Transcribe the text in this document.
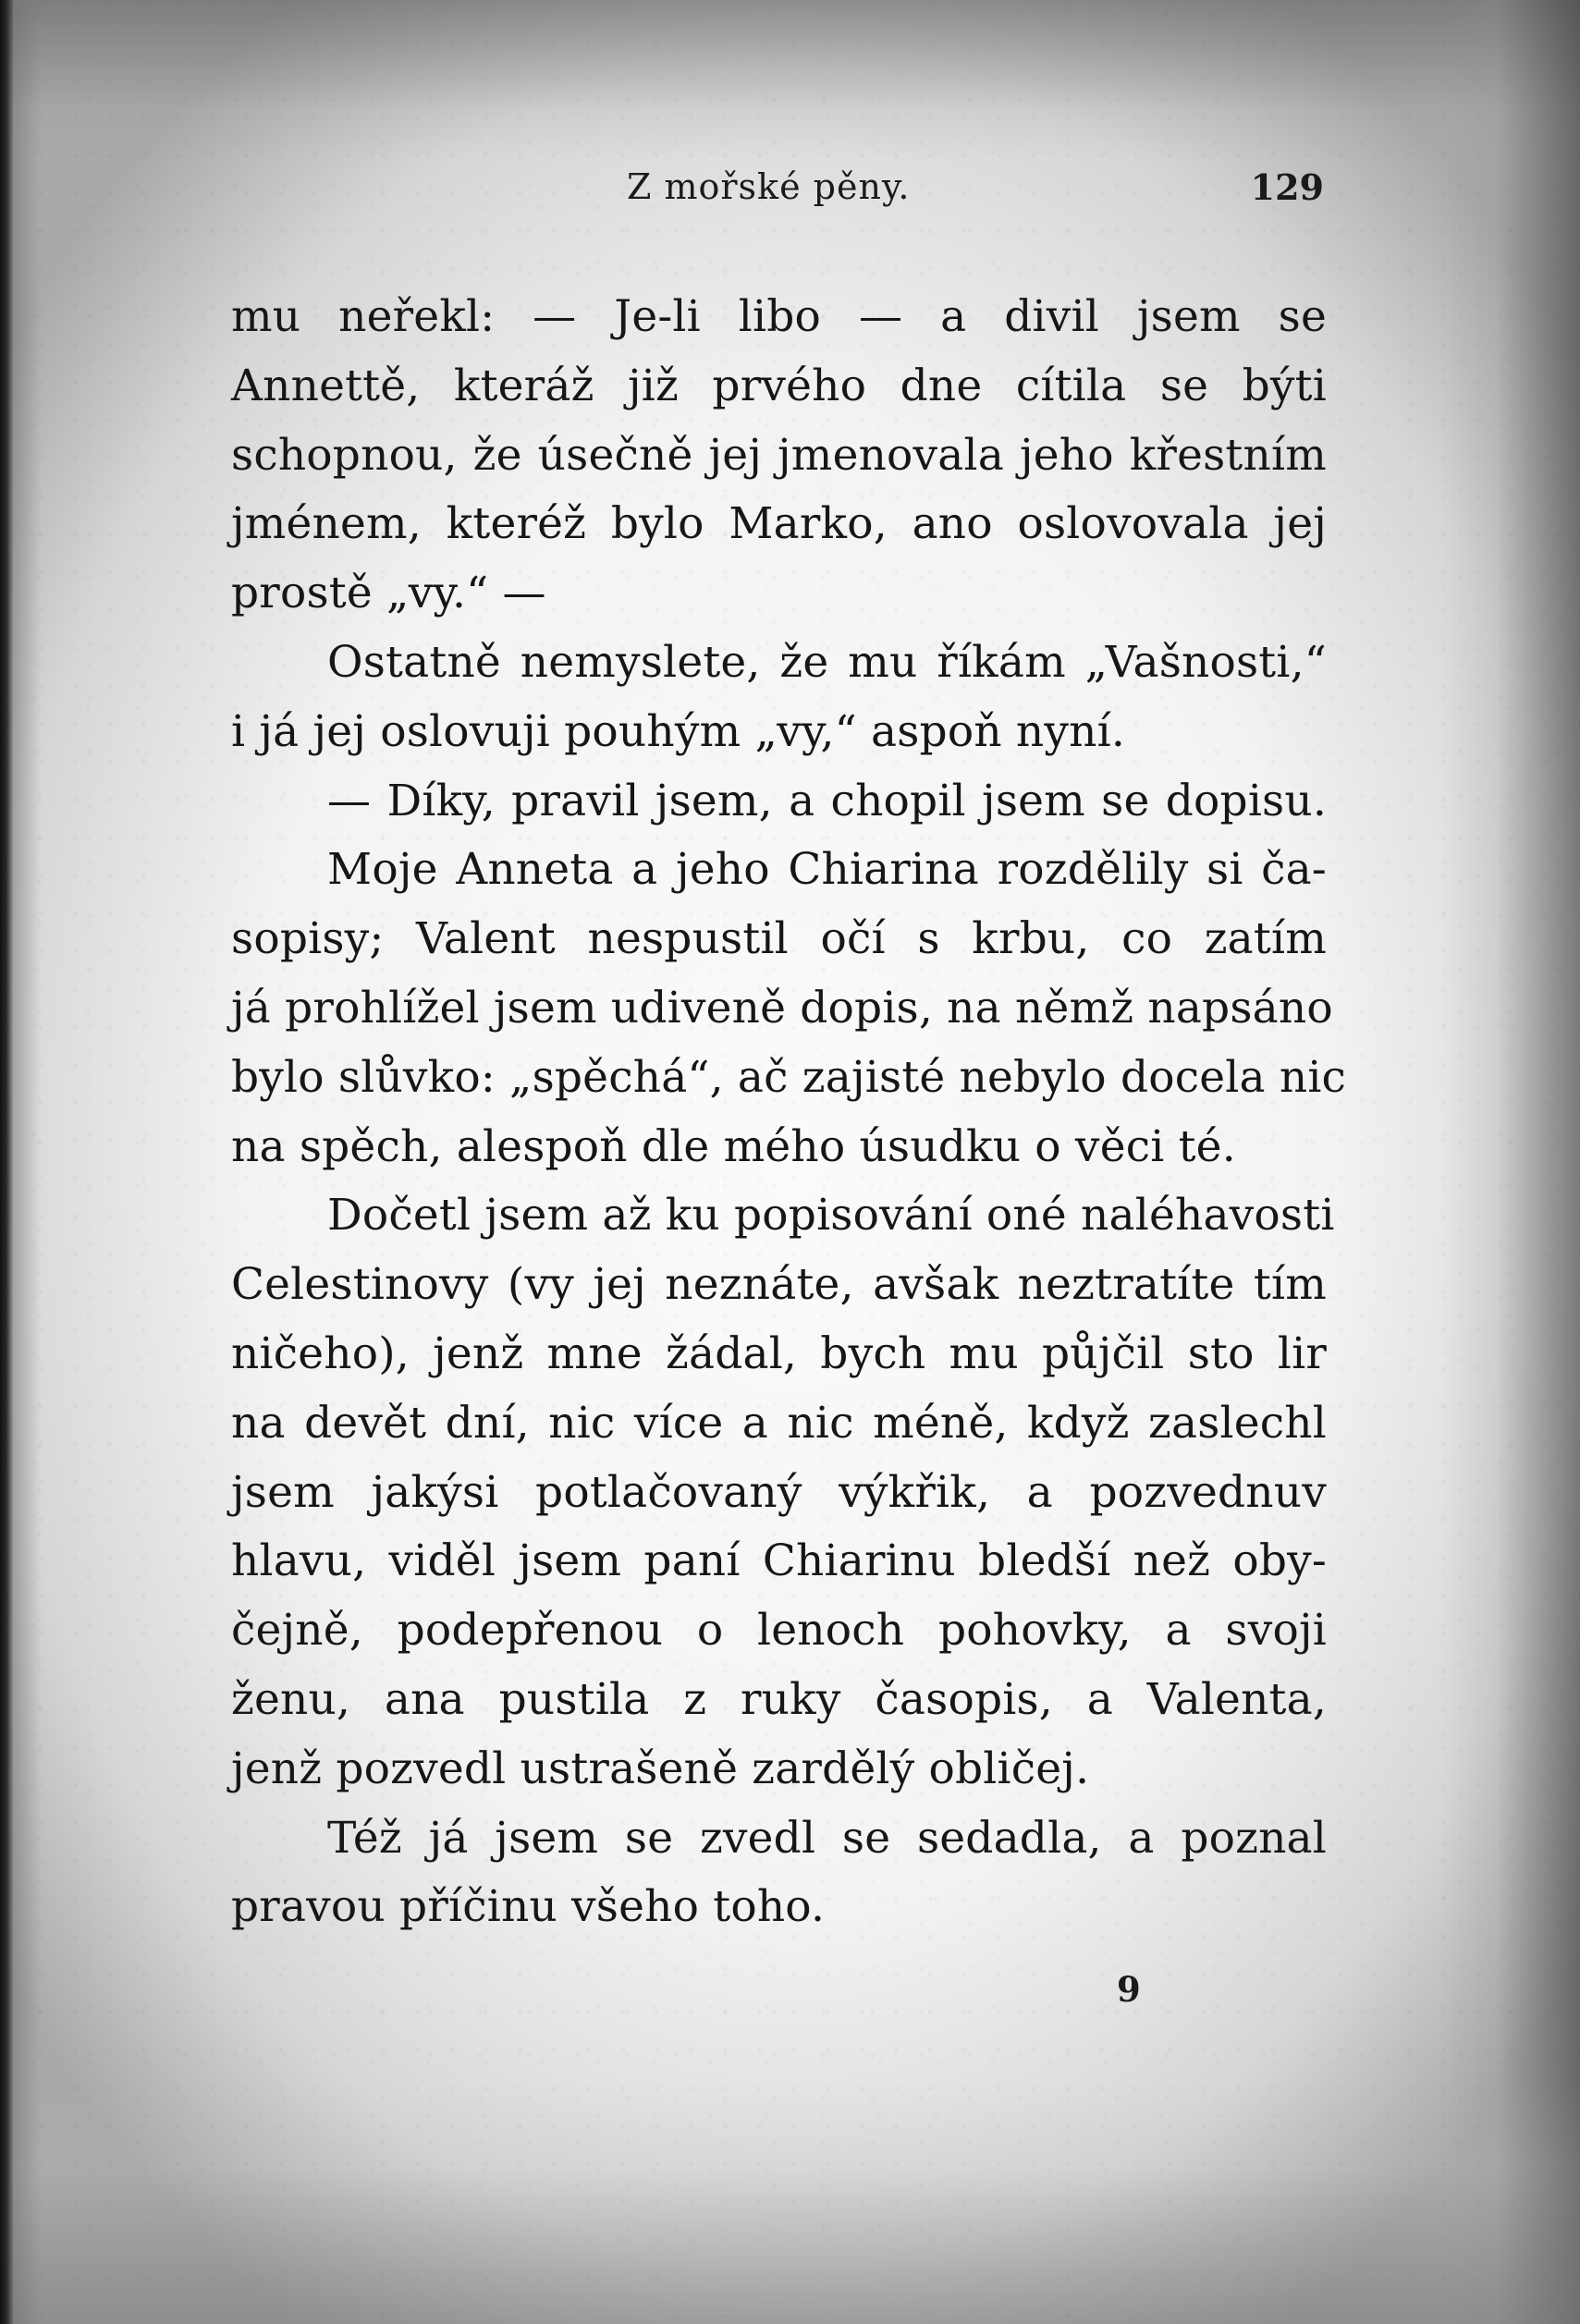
Z mořské pěny.	129
mu neřekl: — Je-li libo — a divil jsem se
Annettě, kteráž již prvého dne cítila se býti
schopnou, že úsečně jej jmenovala jeho křestním
jménem, kteréž bylo Marko, ano oslovovala jej
prostě „vy.“ —
Ostatně nemyslete, že mu říkám „Vašnosti,“
i já jej oslovuji pouhým „vy,“ aspoň nyní.
— Díky, pravil jsem, a chopil jsem se dopisu.
Moje Anneta a jeho Chiarina rozdělily si ča-
sopisy; Valent nespustil očí s krbu, co zatím
já prohlížel jsem udiveně dopis, na němž napsáno
bylo slůvko: „spěchá“, ač zajisté nebylo docela nic
na spěch, alespoň dle mého úsudku o věci té.
Dočetl jsem až ku popisování oné naléhavosti
Celestinovy (vy jej neznáte, avšak neztratíte tím
ničeho), jenž mne žádal, bych mu půjčil sto lir
na devět dní, nic více a nic méně, když zaslechl
jsem jakýsi potlačovaný výkřik, a pozvednuv
hlavu, viděl jsem paní Chiarinu bledší než oby-
čejně, podepřenou o lenoch pohovky, a svoji
ženu, ana pustila z ruky časopis, a Valenta,
jenž pozvedl ustrašeně zardělý obličej.
Též já jsem se zvedl se sedadla, a poznal
pravou příčinu všeho toho.
9
